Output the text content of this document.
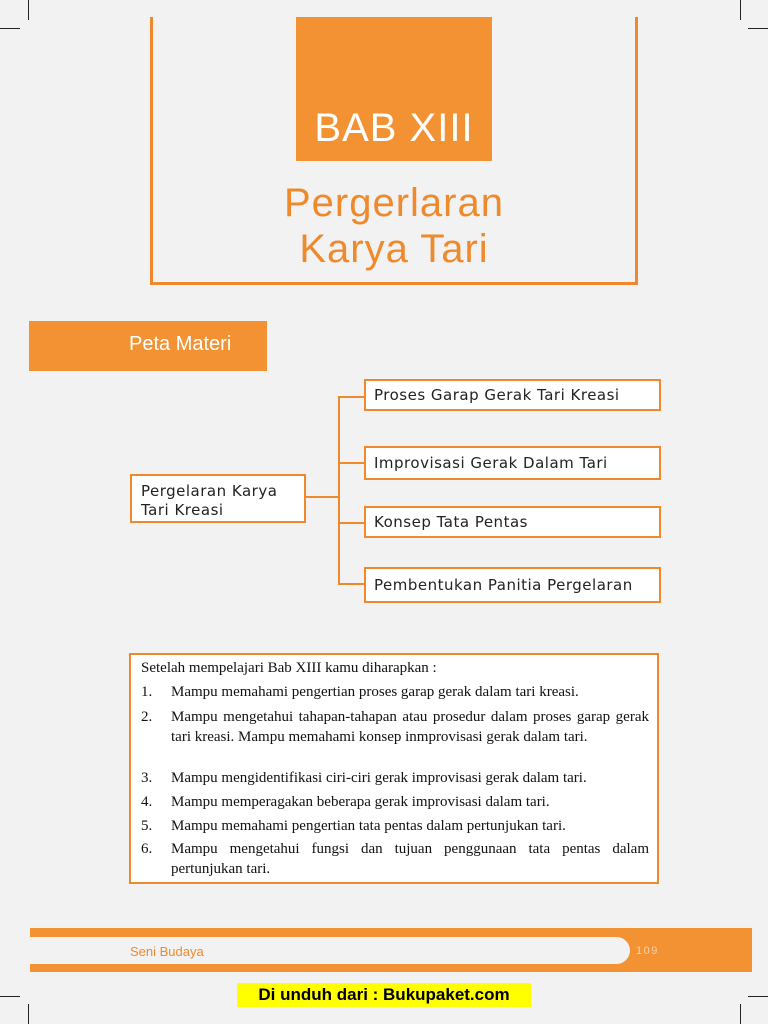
BAB XIII
Pergerlaran
Karya Tari
Peta Materi
Pergelaran Karya
Tari Kreasi
Proses Garap Gerak Tari Kreasi
Improvisasi Gerak Dalam Tari
Konsep Tata Pentas
Pembentukan Panitia Pergelaran
Setelah mempelajari Bab XIII kamu diharapkan :
1. Mampu memahami pengertian proses garap gerak dalam tari kreasi.
2. Mampu mengetahui tahapan-tahapan atau prosedur dalam proses garap gerak tari kreasi. Mampu memahami konsep inmprovisasi gerak dalam tari.
3. Mampu mengidentifikasi ciri-ciri gerak improvisasi gerak dalam tari.
4. Mampu memperagakan beberapa gerak improvisasi dalam tari.
5. Mampu memahami pengertian tata pentas dalam pertunjukan tari.
6. Mampu mengetahui fungsi dan tujuan penggunaan tata pentas dalam pertunjukan tari.
Seni Budaya	109
Di unduh dari : Bukupaket.com
